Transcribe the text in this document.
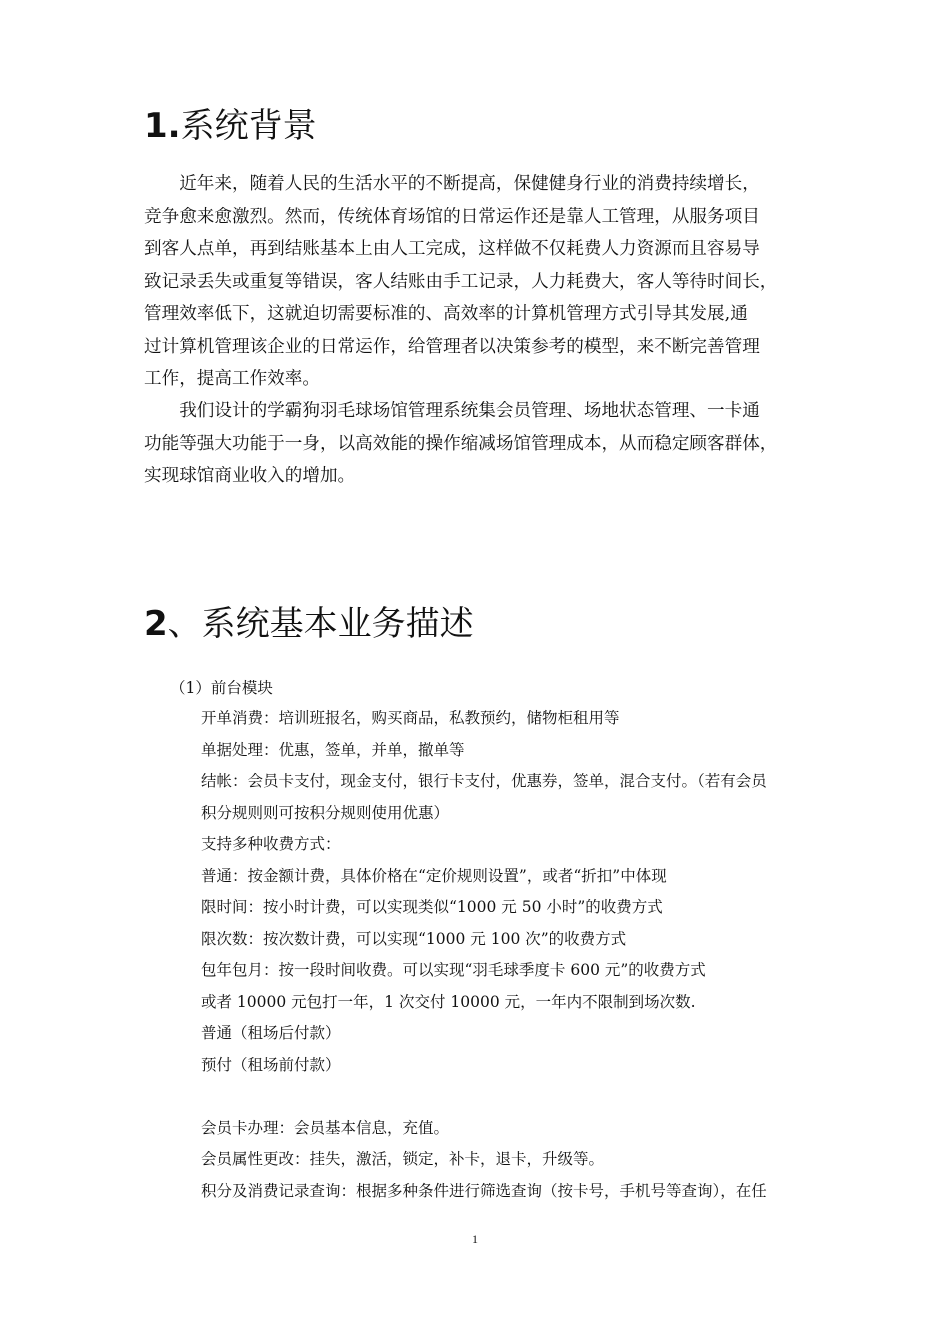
1.系统背景
近年来，随着人民的生活水平的不断提高，保健健身行业的消费持续增长，
竞争愈来愈激烈。然而，传统体育场馆的日常运作还是靠人工管理，从服务项目
到客人点单，再到结账基本上由人工完成，这样做不仅耗费人力资源而且容易导
致记录丢失或重复等错误，客人结账由手工记录，人力耗费大，客人等待时间长，
管理效率低下，这就迫切需要标准的、高效率的计算机管理方式引导其发展,通
过计算机管理该企业的日常运作，给管理者以决策参考的模型，来不断完善管理
工作，提高工作效率。
我们设计的学霸狗羽毛球场馆管理系统集会员管理、场地状态管理、一卡通
功能等强大功能于一身，以高效能的操作缩减场馆管理成本，从而稳定顾客群体，
实现球馆商业收入的增加。
2、系统基本业务描述

（1）前台模块

开单消费：培训班报名，购买商品，私教预约，储物柜租用等
单据处理：优惠，签单，并单，撤单等
结帐：会员卡支付，现金支付，银行卡支付，优惠券，签单，混合支付。（若有会员
积分规则则可按积分规则使用优惠）
支持多种收费方式：
普通：按金额计费，具体价格在“定价规则设置”，或者“折扣”中体现
限时间：按小时计费，可以实现类似“1000 元 50 小时”的收费方式
限次数：按次数计费，可以实现“1000 元 100 次”的收费方式
包年包月：按一段时间收费。可以实现“羽毛球季度卡 600 元”的收费方式
或者 10000 元包打一年，1 次交付 10000 元，一年内不限制到场次数.
普通（租场后付款）
预付（租场前付款）
会员卡办理：会员基本信息，充值。
会员属性更改：挂失，激活，锁定，补卡，退卡，升级等。
积分及消费记录查询：根据多种条件进行筛选查询（按卡号，手机号等查询），在任
1
